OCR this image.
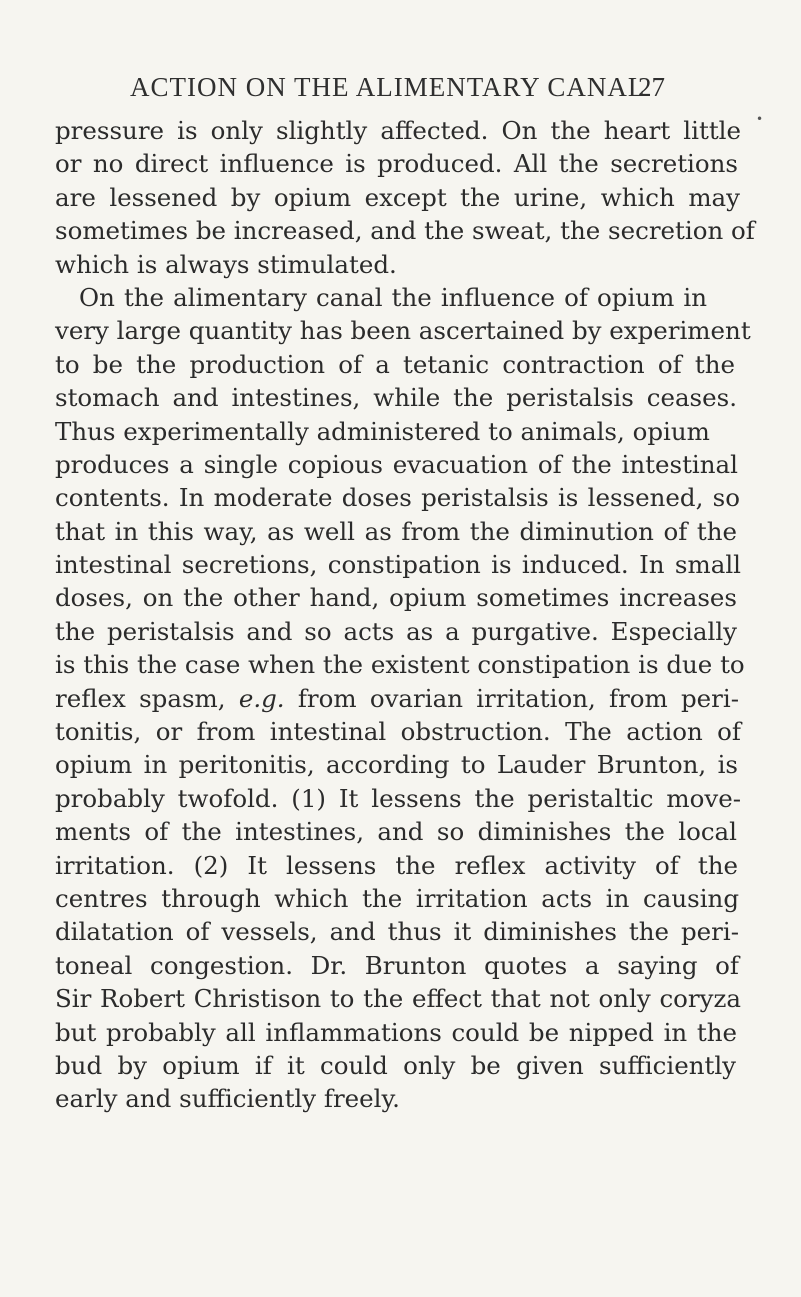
ACTION ON THE ALIMENTARY CANAL
27
•
pressure is only slightly affected. On the heart little
or no direct influence is produced. All the secretions
are lessened by opium except the urine, which may
sometimes be increased, and the sweat, the secretion of
which is always stimulated.
On the alimentary canal the influence of opium in
very large quantity has been ascertained by experiment
to be the production of a tetanic contraction of the
stomach and intestines, while the peristalsis ceases.
Thus experimentally administered to animals, opium
produces a single copious evacuation of the intestinal
contents. In moderate doses peristalsis is lessened, so
that in this way, as well as from the diminution of the
intestinal secretions, constipation is induced. In small
doses, on the other hand, opium sometimes increases
the peristalsis and so acts as a purgative. Especially
is this the case when the existent constipation is due to
reflex spasm, e.g. from ovarian irritation, from peri-
tonitis, or from intestinal obstruction. The action of
opium in peritonitis, according to Lauder Brunton, is
probably twofold. (1) It lessens the peristaltic move-
ments of the intestines, and so diminishes the local
irritation. (2) It lessens the reflex activity of the
centres through which the irritation acts in causing
dilatation of vessels, and thus it diminishes the peri-
toneal congestion. Dr. Brunton quotes a saying of
Sir Robert Christison to the effect that not only coryza
but probably all inflammations could be nipped in the
bud by opium if it could only be given sufficiently
early and sufficiently freely.
